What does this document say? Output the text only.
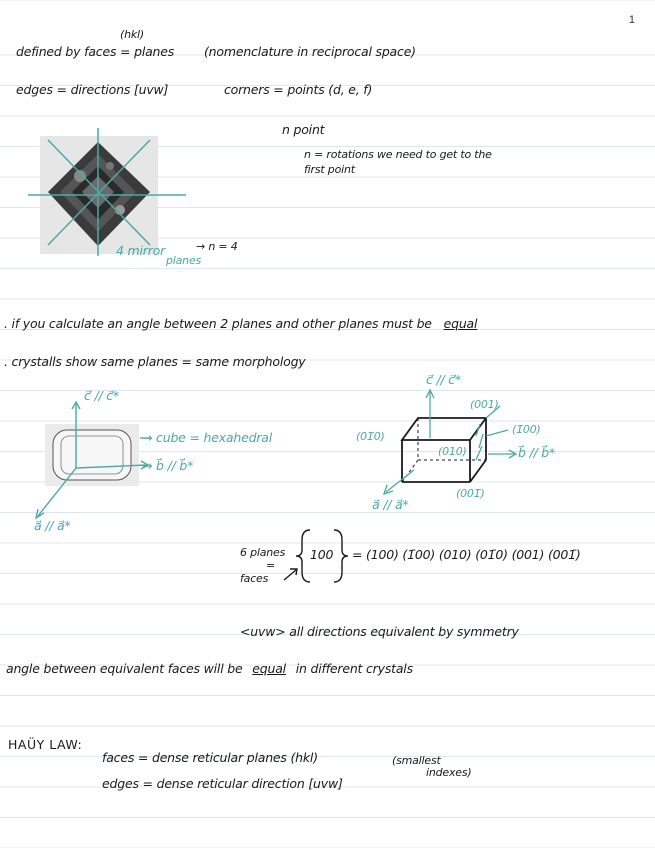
1
(hkl)
defined by faces = planes (nomenclature in reciprocal space)
edges = directions [uvw]	corners = points (d, e, f)
n point
n = rotations we need to get to the
first point
4 mirror
planes
→ n = 4
. if you calculate an angle between 2 planes and other planes must be equal
. crystalls show same planes = same morphology
c⃗ // c⃗*
→ cube = hexahedral
→ b⃗ // b⃗*
a⃗ // a⃗*
c⃗ // c⃗*
(001)
(1̄00)
(01̄0)
(010)	b⃗ // b⃗*
(001̄)
a⃗ // a⃗*
6 planes
=
faces
100 = (100) (1̄00) (010) (01̄0) (001) (001̄)
<uvw> all directions equivalent by symmetry
angle between equivalent faces will be equal in different crystals
HAÜY LAW:
faces = dense reticular planes (hkl)	(smallest
indexes)
edges = dense reticular direction [uvw]
